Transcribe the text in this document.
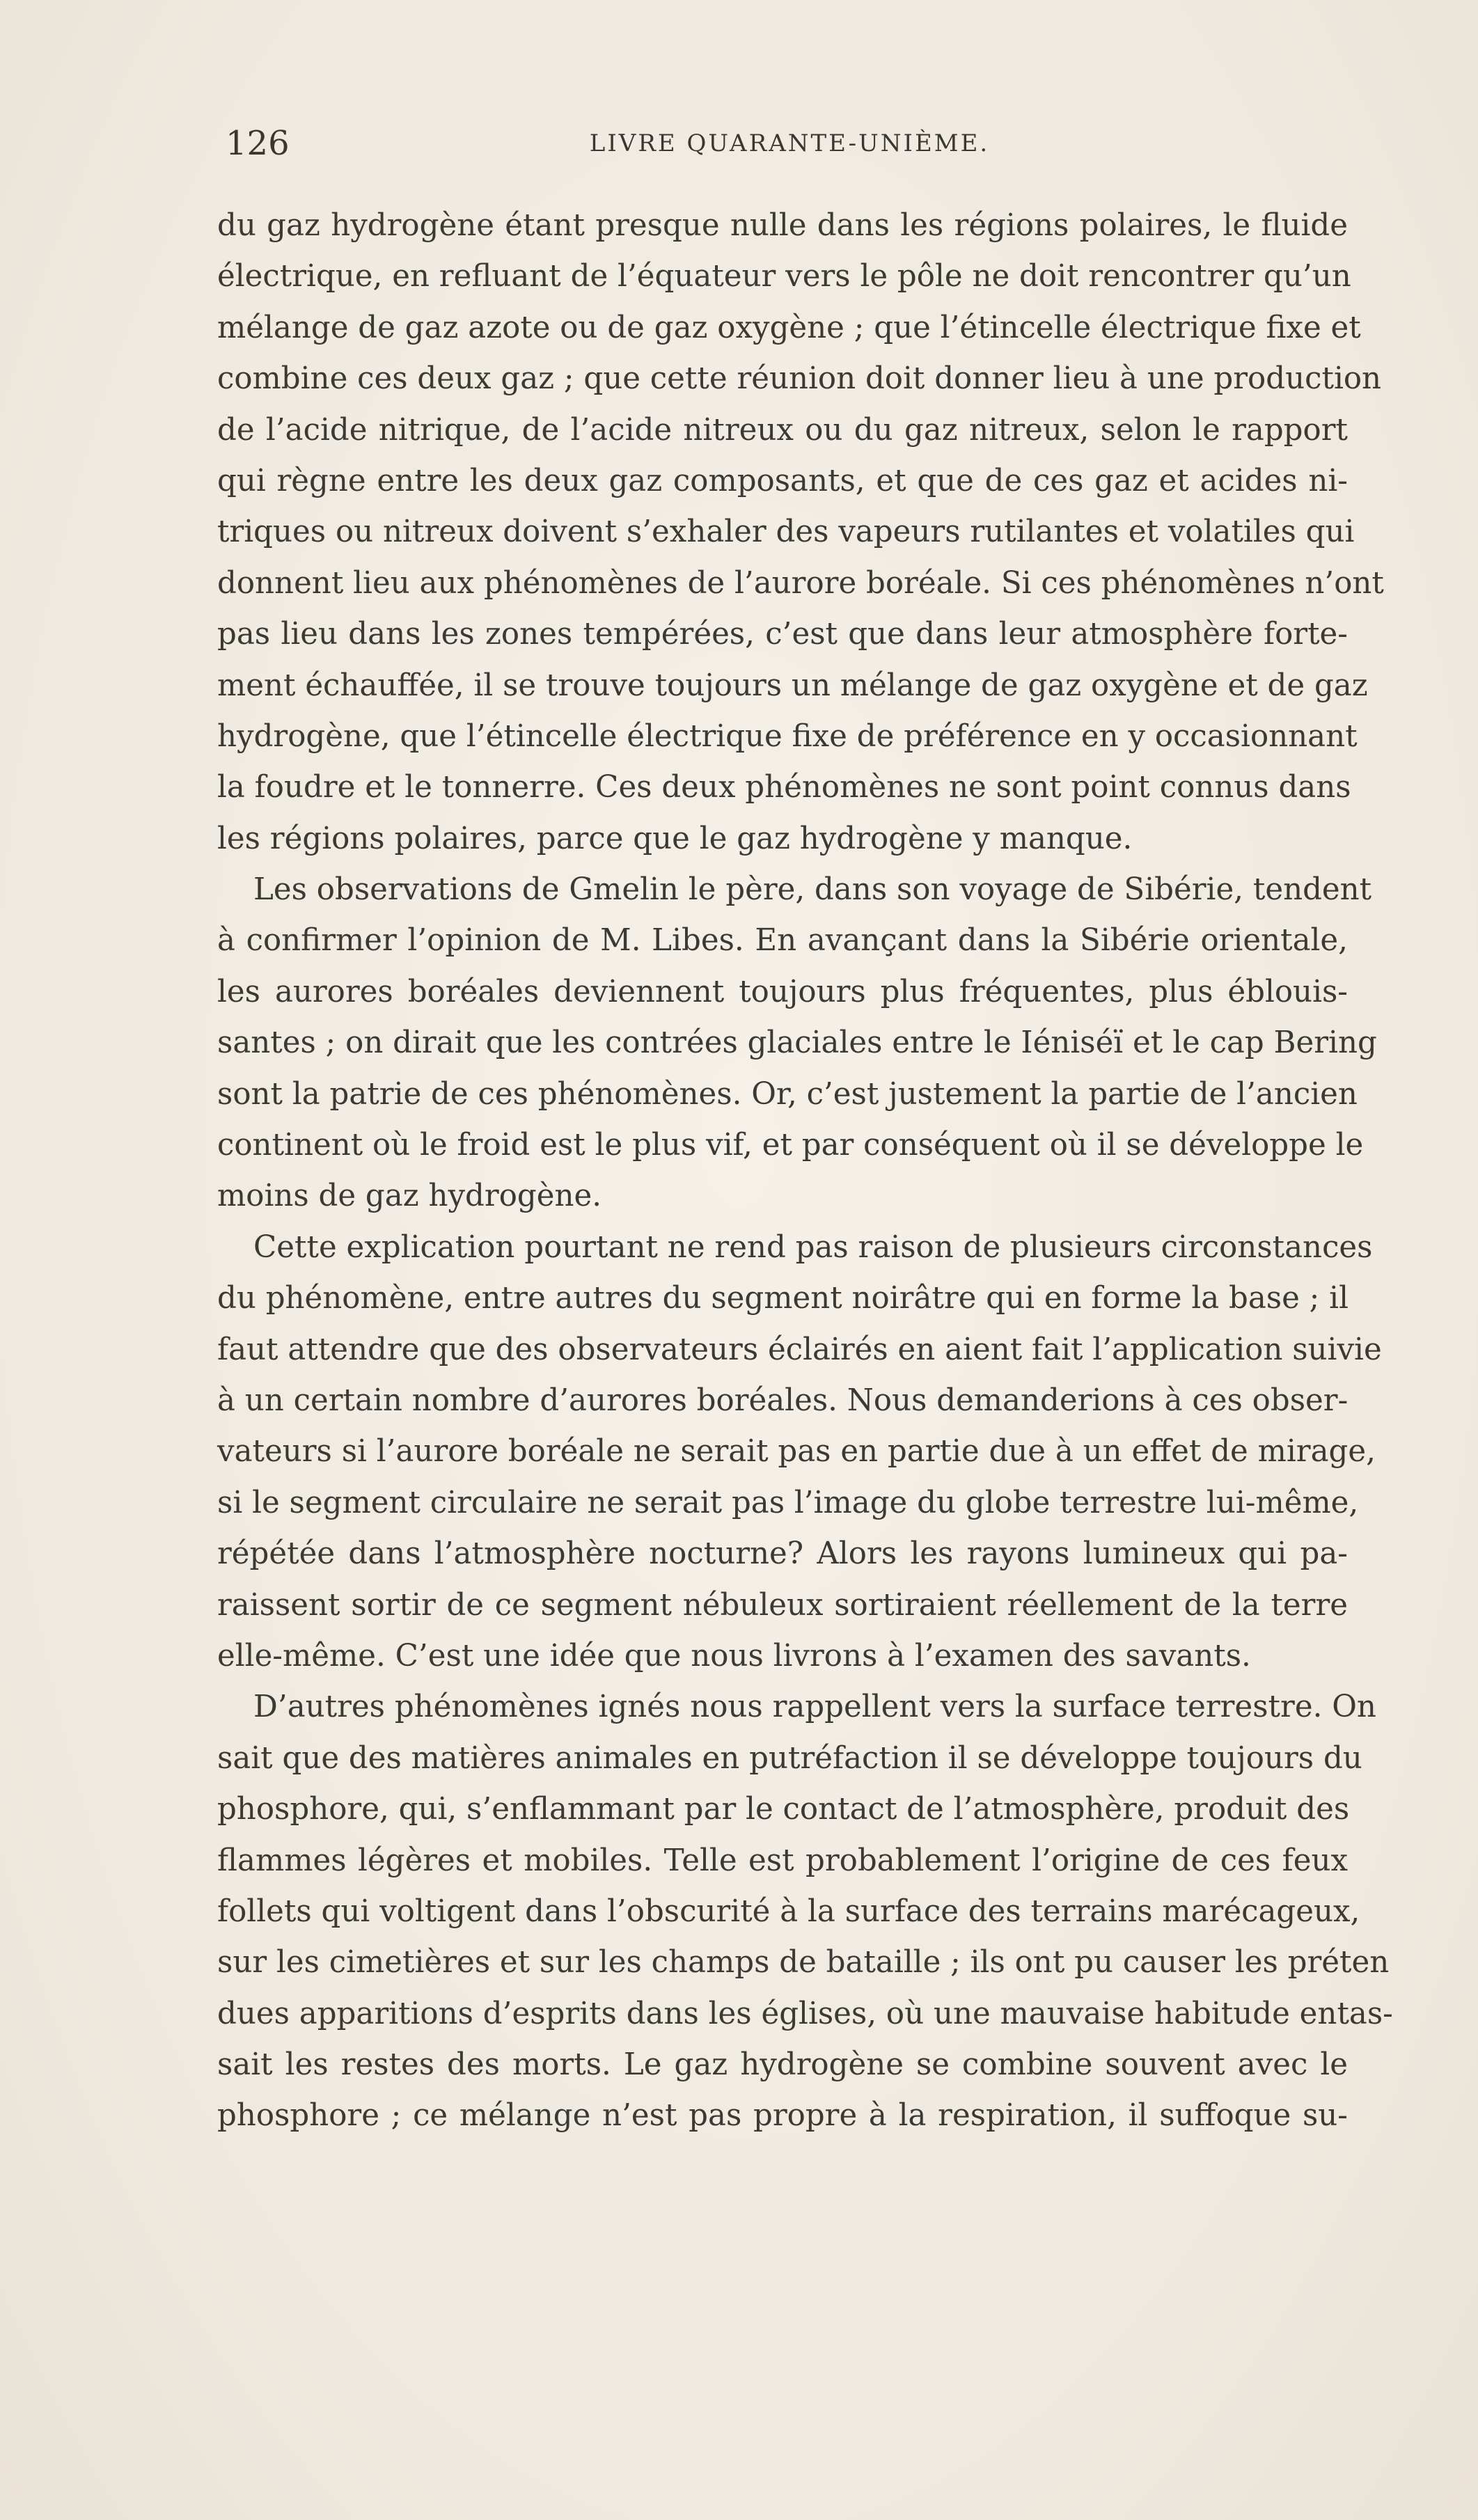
126	LIVRE QUARANTE-UNIÈME.
du gaz hydrogène étant presque nulle dans les régions polaires, le fluide
électrique, en refluant de l’équateur vers le pôle ne doit rencontrer qu’un
mélange de gaz azote ou de gaz oxygène ; que l’étincelle électrique fixe et
combine ces deux gaz ; que cette réunion doit donner lieu à une production
de l’acide nitrique, de l’acide nitreux ou du gaz nitreux, selon le rapport
qui règne entre les deux gaz composants, et que de ces gaz et acides ni-
triques ou nitreux doivent s’exhaler des vapeurs rutilantes et volatiles qui
donnent lieu aux phénomènes de l’aurore boréale. Si ces phénomènes n’ont
pas lieu dans les zones tempérées, c’est que dans leur atmosphère forte-
ment échauffée, il se trouve toujours un mélange de gaz oxygène et de gaz
hydrogène, que l’étincelle électrique fixe de préférence en y occasionnant
la foudre et le tonnerre. Ces deux phénomènes ne sont point connus dans
les régions polaires, parce que le gaz hydrogène y manque.
Les observations de Gmelin le père, dans son voyage de Sibérie, tendent
à confirmer l’opinion de M. Libes. En avançant dans la Sibérie orientale,
les aurores boréales deviennent toujours plus fréquentes, plus éblouis-
santes ; on dirait que les contrées glaciales entre le Iéniséï et le cap Bering
sont la patrie de ces phénomènes. Or, c’est justement la partie de l’ancien
continent où le froid est le plus vif, et par conséquent où il se développe le
moins de gaz hydrogène.
Cette explication pourtant ne rend pas raison de plusieurs circonstances
du phénomène, entre autres du segment noirâtre qui en forme la base ; il
faut attendre que des observateurs éclairés en aient fait l’application suivie
à un certain nombre d’aurores boréales. Nous demanderions à ces obser-
vateurs si l’aurore boréale ne serait pas en partie due à un effet de mirage,
si le segment circulaire ne serait pas l’image du globe terrestre lui-même,
répétée dans l’atmosphère nocturne? Alors les rayons lumineux qui pa-
raissent sortir de ce segment nébuleux sortiraient réellement de la terre
elle-même. C’est une idée que nous livrons à l’examen des savants.
D’autres phénomènes ignés nous rappellent vers la surface terrestre. On
sait que des matières animales en putréfaction il se développe toujours du
phosphore, qui, s’enflammant par le contact de l’atmosphère, produit des
flammes légères et mobiles. Telle est probablement l’origine de ces feux
follets qui voltigent dans l’obscurité à la surface des terrains marécageux,
sur les cimetières et sur les champs de bataille ; ils ont pu causer les préten
dues apparitions d’esprits dans les églises, où une mauvaise habitude entas-
sait les restes des morts. Le gaz hydrogène se combine souvent avec le
phosphore ; ce mélange n’est pas propre à la respiration, il suffoque su-
